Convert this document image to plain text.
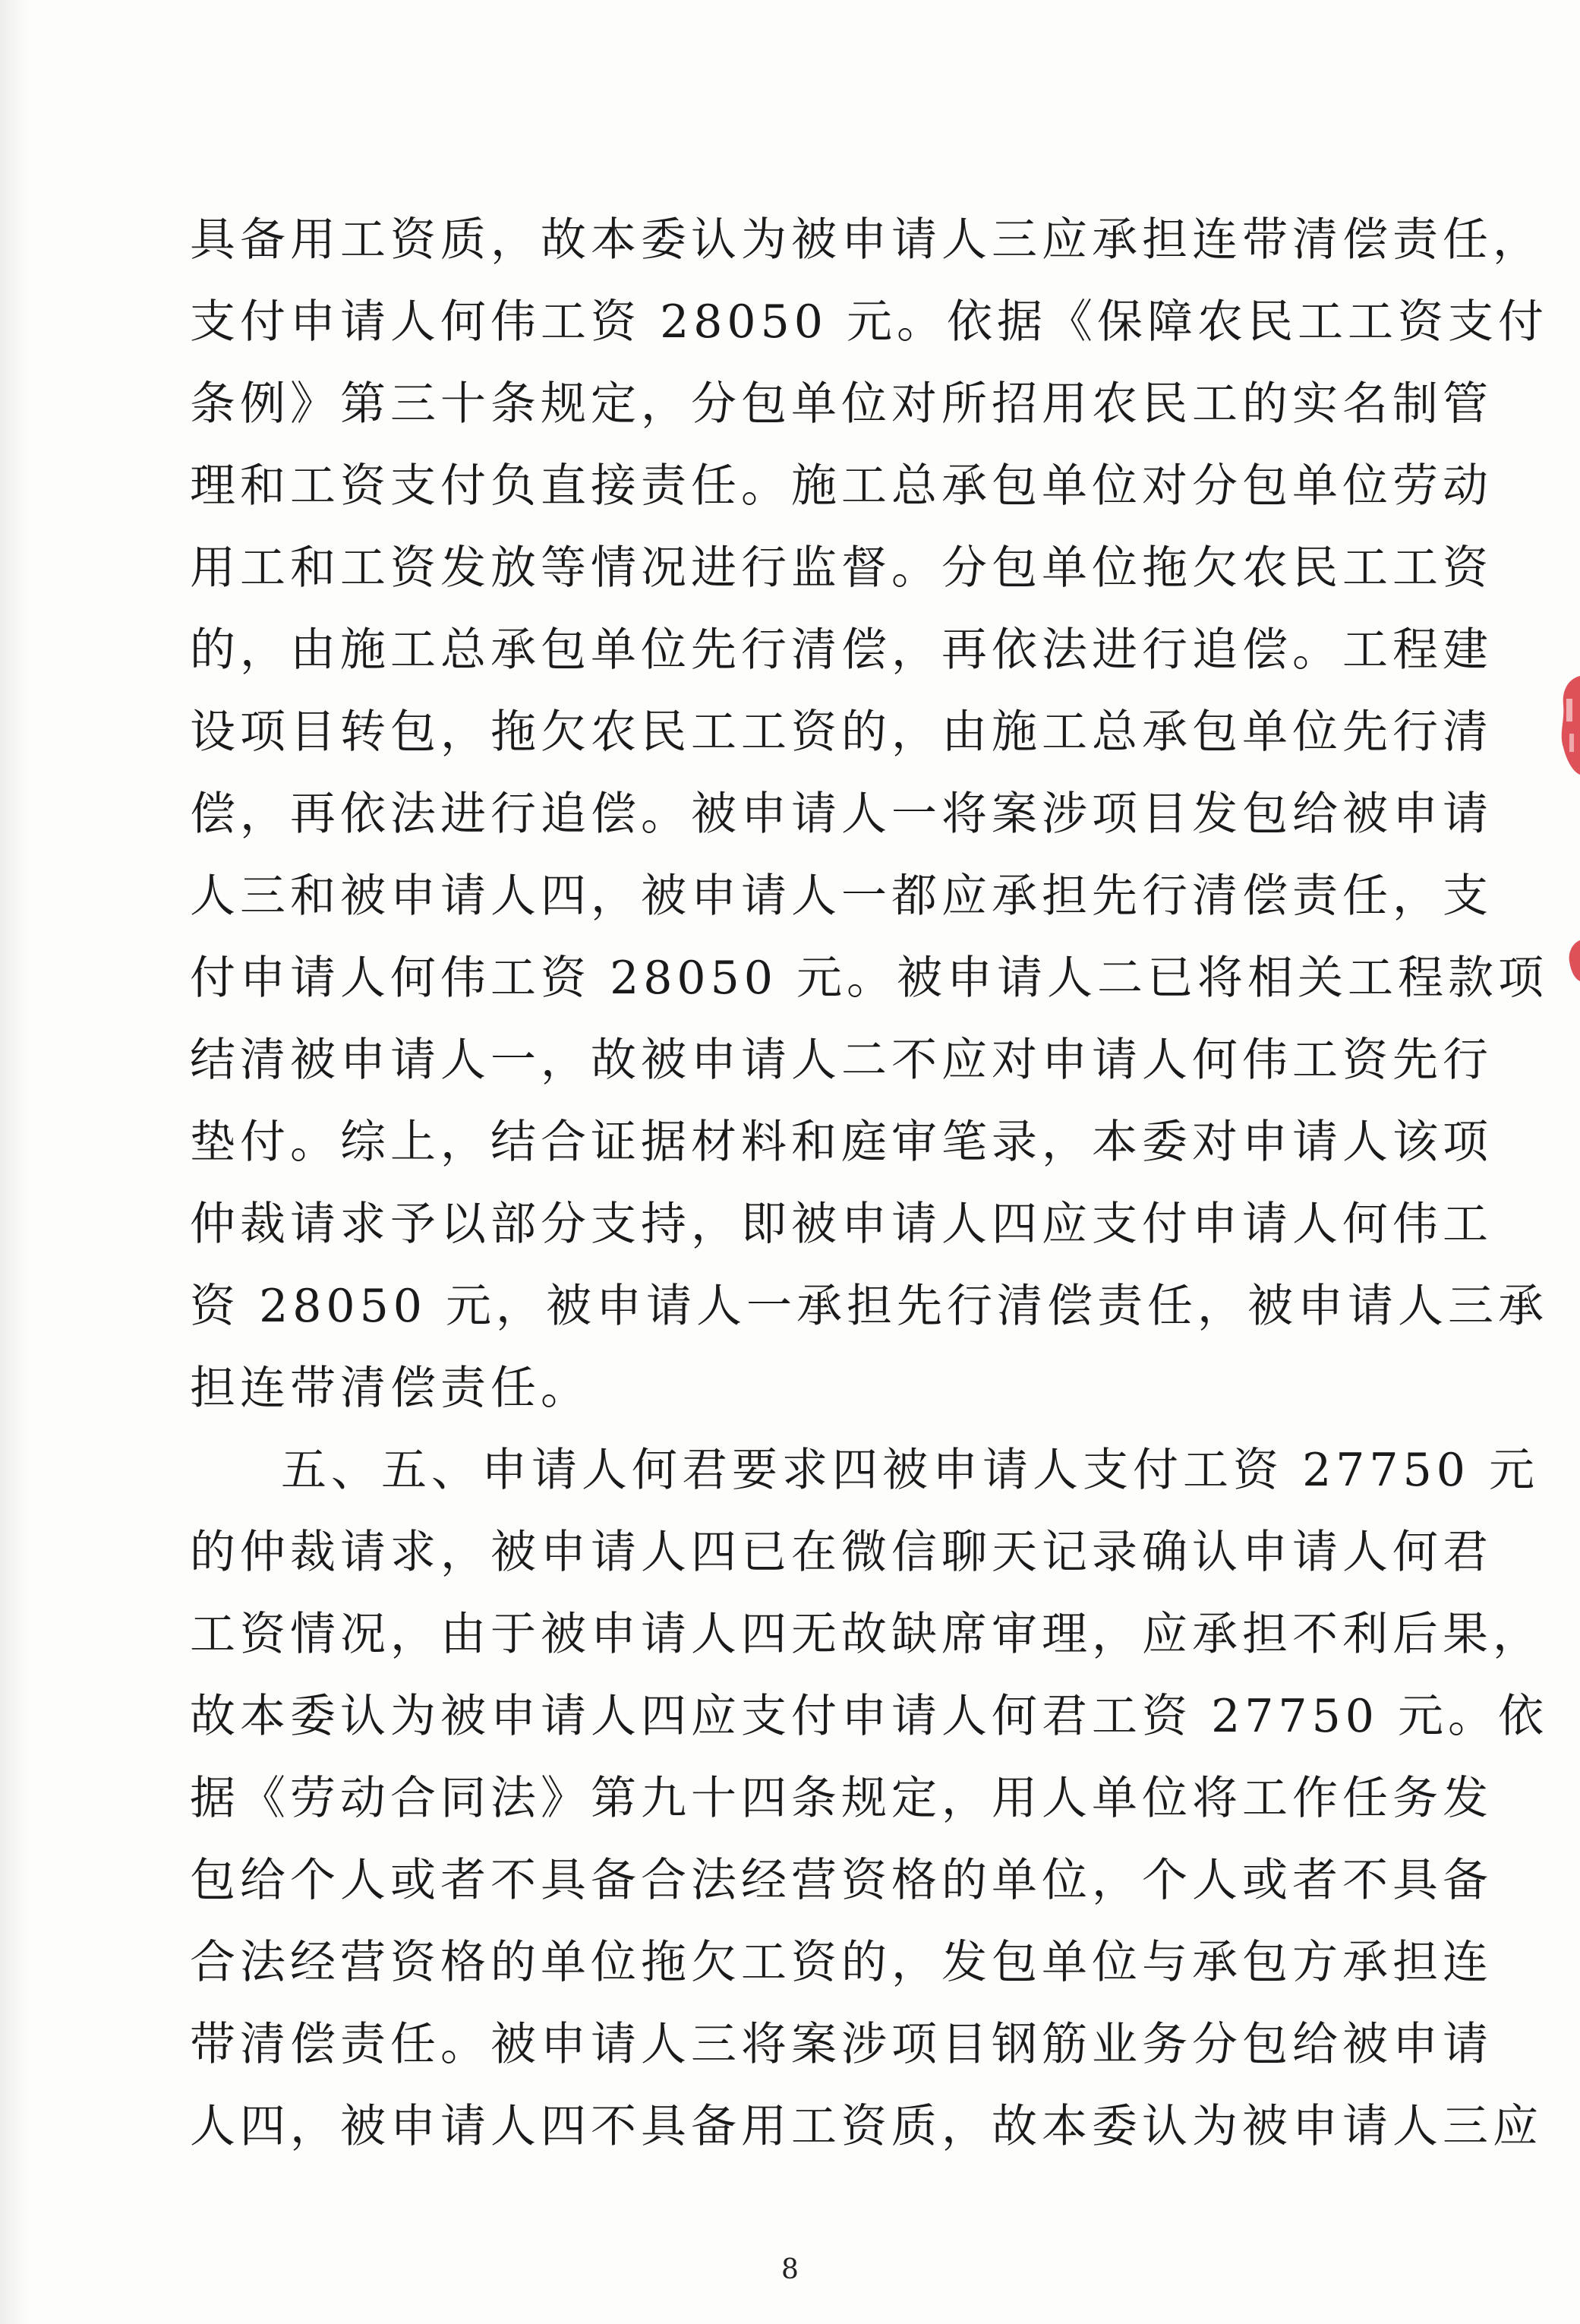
具备用工资质，故本委认为被申请人三应承担连带清偿责任，
支付申请人何伟工资 28050 元。依据《保障农民工工资支付
条例》第三十条规定，分包单位对所招用农民工的实名制管
理和工资支付负直接责任。施工总承包单位对分包单位劳动
用工和工资发放等情况进行监督。分包单位拖欠农民工工资
的，由施工总承包单位先行清偿，再依法进行追偿。工程建
设项目转包，拖欠农民工工资的，由施工总承包单位先行清
偿，再依法进行追偿。被申请人一将案涉项目发包给被申请
人三和被申请人四，被申请人一都应承担先行清偿责任，支
付申请人何伟工资 28050 元。被申请人二已将相关工程款项
结清被申请人一，故被申请人二不应对申请人何伟工资先行
垫付。综上，结合证据材料和庭审笔录，本委对申请人该项
仲裁请求予以部分支持，即被申请人四应支付申请人何伟工
资 28050 元，被申请人一承担先行清偿责任，被申请人三承
担连带清偿责任。
五、五、申请人何君要求四被申请人支付工资 27750 元
的仲裁请求，被申请人四已在微信聊天记录确认申请人何君
工资情况，由于被申请人四无故缺席审理，应承担不利后果，
故本委认为被申请人四应支付申请人何君工资 27750 元。依
据《劳动合同法》第九十四条规定，用人单位将工作任务发
包给个人或者不具备合法经营资格的单位，个人或者不具备
合法经营资格的单位拖欠工资的，发包单位与承包方承担连
带清偿责任。被申请人三将案涉项目钢筋业务分包给被申请
人四，被申请人四不具备用工资质，故本委认为被申请人三应
8
